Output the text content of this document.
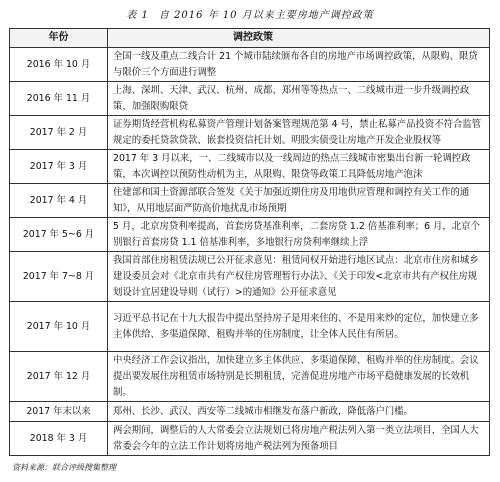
表 1 自 2016 年 10 月以来主要房地产调控政策
年份	调控政策
2016 年 10 月	全国一线及重点二线合计 21 个城市陆续颁布各自的房地产市场调控政策，从限购、限贷与限价三个方面进行调整
2016 年 11 月	上海、深圳、天津、武汉、杭州、成都、郑州等等热点一、二线城市进一步升级调控政策，加强限购限贷
2017 年 2 月	证券期货经营机构私募资产管理计划备案管理规范第 4 号，禁止私募产品投资不符合监管规定的委托贷款贷款、嵌套投资信托计划、明股实债受让房地产开发企业股权等
2017 年 3 月	2017 年 3 月以来，一、二线城市以及一线周边的热点三线城市密集出台新一轮调控政策，本次调控以预防性动机为主，从限购、限贷等政策工具降低房地产泡沫
2017 年 4 月	住建部和国土资源部联合签发《关于加强近期住房及用地供应管理和调控有关工作的通知》，从用地层面严防高价地扰乱市场预期
2017 年 5~6 月	5 月，北京房贷利率提高，首套房贷基准利率，二套房贷 1.2 倍基准利率；6 月，北京个别银行首套房贷 1.1 倍基准利率，多地银行房贷利率继续上浮
2017 年 7~8 月	我国首部住房租赁法规已公开征求意见：租赁同权开始进行地区试点：北京市住房和城乡建设委员会对《北京市共有产权住房管理暂行办法》、《关于印发<北京市共有产权住房规划设计宜居建设导则（试行）>的通知》公开征求意见
2017 年 10 月	习近平总书记在十九大报告中提出坚持房子是用来住的、不是用来炒的定位，加快建立多主体供给、多渠道保障、租购并举的住房制度，让全体人民住有所居。
2017 年 12 月	中央经济工作会议指出，加快建立多主体供应、多渠道保障、租购并举的住房制度。会议提出要发展住房租赁市场特别是长期租赁，完善促进房地产市场平稳健康发展的长效机制。
2017 年末以来	郑州、长沙、武汉、西安等二线城市相继发布落户新政，降低落户门槛。
2018 年 3 月	两会期间，调整后的人大常委会立法规划已将房地产税法列入第一类立法项目，全国人大常委会今年的立法工作计划将房地产税法列为预备项目
资料来源：联合评级搜集整理
